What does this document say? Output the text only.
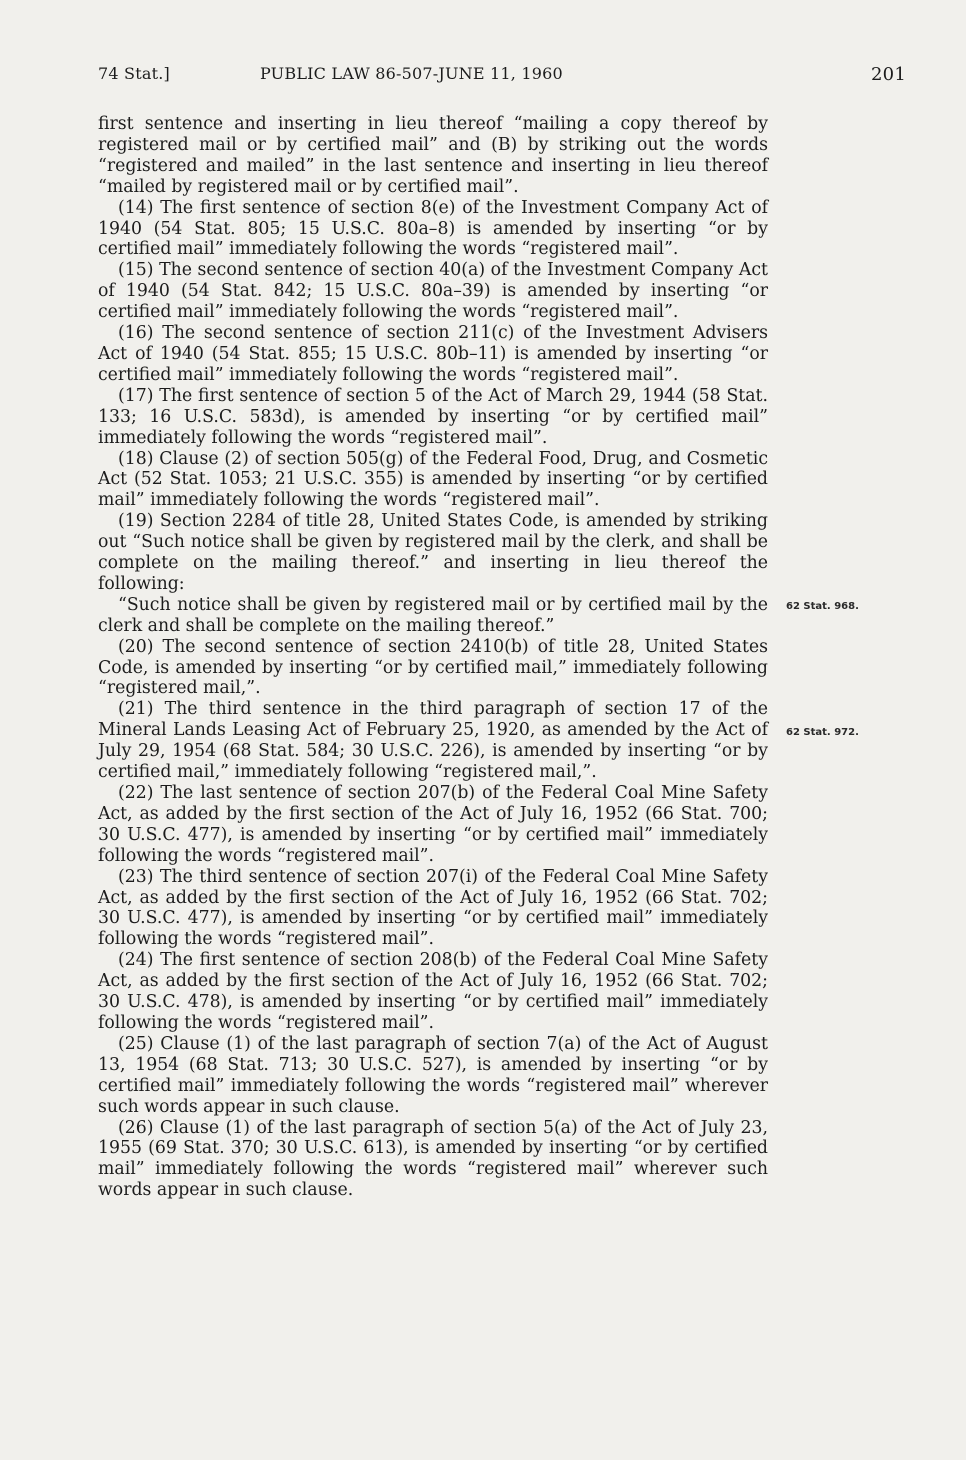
74 Stat.]	PUBLIC LAW 86-507-JUNE 11, 1960	201

first sentence and inserting in lieu thereof “mailing a copy thereof by registered mail or by certified mail” and (B) by striking out the words “registered and mailed” in the last sentence and inserting in lieu thereof “mailed by registered mail or by certified mail”.

(14) The first sentence of section 8(e) of the Investment Company Act of 1940 (54 Stat. 805; 15 U.S.C. 80a–8) is amended by inserting “or by certified mail” immediately following the words “registered mail”.

(15) The second sentence of section 40(a) of the Investment Company Act of 1940 (54 Stat. 842; 15 U.S.C. 80a–39) is amended by inserting “or certified mail” immediately following the words “registered mail”.

(16) The second sentence of section 211(c) of the Investment Advisers Act of 1940 (54 Stat. 855; 15 U.S.C. 80b–11) is amended by inserting “or certified mail” immediately following the words “registered mail”.

(17) The first sentence of section 5 of the Act of March 29, 1944 (58 Stat. 133; 16 U.S.C. 583d), is amended by inserting “or by certified mail” immediately following the words “registered mail”.

(18) Clause (2) of section 505(g) of the Federal Food, Drug, and Cosmetic Act (52 Stat. 1053; 21 U.S.C. 355) is amended by inserting “or by certified mail” immediately following the words “registered mail”.

(19) Section 2284 of title 28, United States Code, is amended by striking out “Such notice shall be given by registered mail by the clerk, and shall be complete on the mailing thereof.” and inserting in lieu thereof the following:

“Such notice shall be given by registered mail or by certified mail by the clerk and shall be complete on the mailing thereof.”

(20) The second sentence of section 2410(b) of title 28, United States Code, is amended by inserting “or by certified mail,” immediately following “registered mail,”.

(21) The third sentence in the third paragraph of section 17 of the Mineral Lands Leasing Act of February 25, 1920, as amended by the Act of July 29, 1954 (68 Stat. 584; 30 U.S.C. 226), is amended by inserting “or by certified mail,” immediately following “registered mail,”.

(22) The last sentence of section 207(b) of the Federal Coal Mine Safety Act, as added by the first section of the Act of July 16, 1952 (66 Stat. 700; 30 U.S.C. 477), is amended by inserting “or by certified mail” immediately following the words “registered mail”.

(23) The third sentence of section 207(i) of the Federal Coal Mine Safety Act, as added by the first section of the Act of July 16, 1952 (66 Stat. 702; 30 U.S.C. 477), is amended by inserting “or by certified mail” immediately following the words “registered mail”.

(24) The first sentence of section 208(b) of the Federal Coal Mine Safety Act, as added by the first section of the Act of July 16, 1952 (66 Stat. 702; 30 U.S.C. 478), is amended by inserting “or by certified mail” immediately following the words “registered mail”.

(25) Clause (1) of the last paragraph of section 7(a) of the Act of August 13, 1954 (68 Stat. 713; 30 U.S.C. 527), is amended by inserting “or by certified mail” immediately following the words “registered mail” wherever such words appear in such clause.

(26) Clause (1) of the last paragraph of section 5(a) of the Act of July 23, 1955 (69 Stat. 370; 30 U.S.C. 613), is amended by inserting “or by certified mail” immediately following the words “registered mail” wherever such words appear in such clause.

62 Stat. 968.
62 Stat. 972.
